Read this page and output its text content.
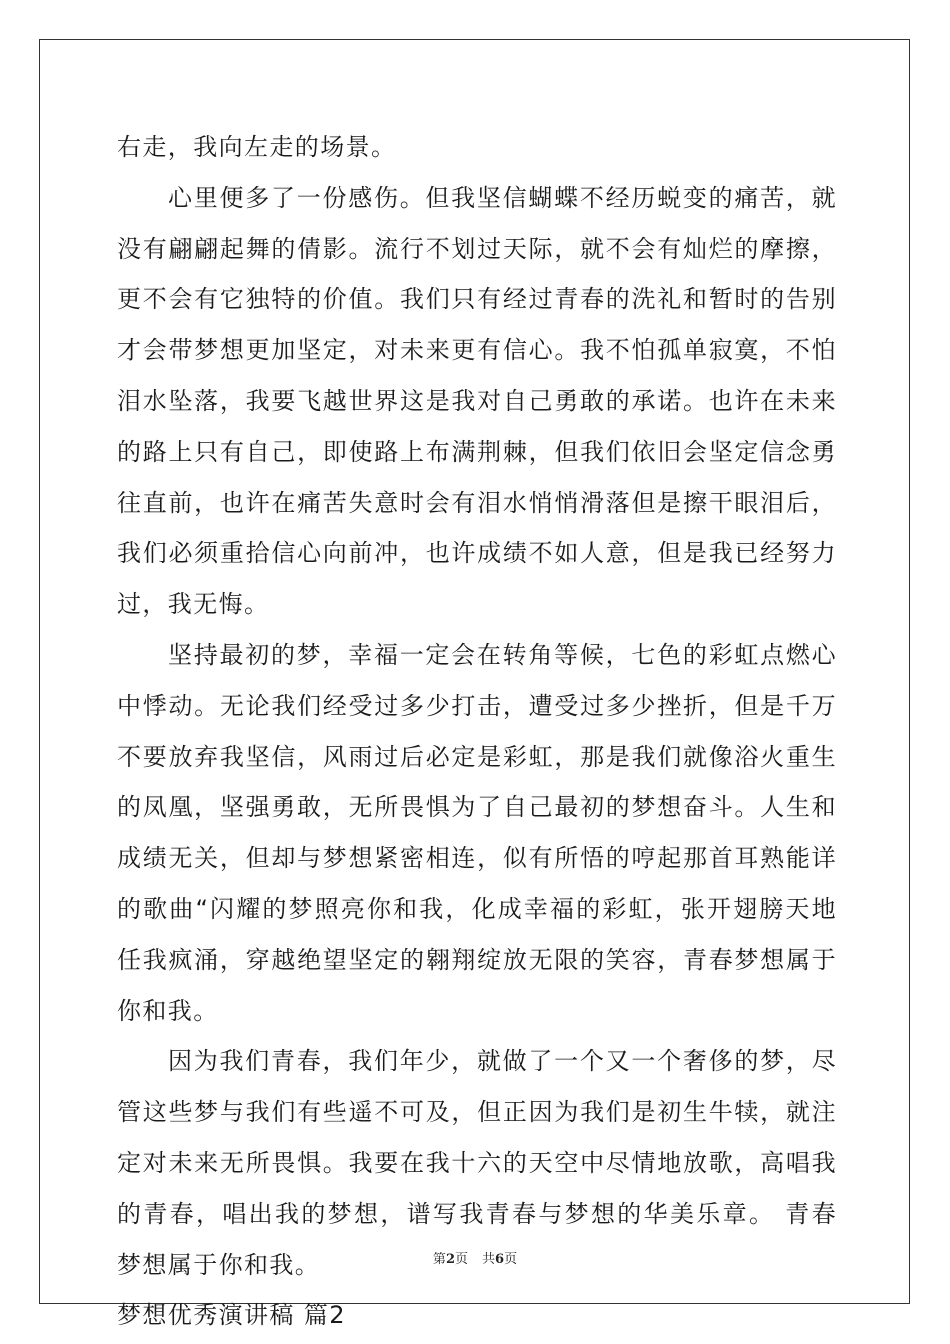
右走，我向左走的场景。

心里便多了一份感伤。但我坚信蝴蝶不经历蜕变的痛苦，就没有翩翩起舞的倩影。流行不划过天际，就不会有灿烂的摩擦，更不会有它独特的价值。我们只有经过青春的洗礼和暂时的告别才会带梦想更加坚定，对未来更有信心。我不怕孤单寂寞，不怕泪水坠落，我要飞越世界这是我对自己勇敢的承诺。也许在未来的路上只有自己，即使路上布满荆棘，但我们依旧会坚定信念勇往直前，也许在痛苦失意时会有泪水悄悄滑落但是擦干眼泪后，我们必须重拾信心向前冲，也许成绩不如人意，但是我已经努力过，我无悔。

坚持最初的梦，幸福一定会在转角等候，七色的彩虹点燃心中悸动。无论我们经受过多少打击，遭受过多少挫折，但是千万不要放弃我坚信，风雨过后必定是彩虹，那是我们就像浴火重生的凤凰，坚强勇敢，无所畏惧为了自己最初的梦想奋斗。人生和成绩无关，但却与梦想紧密相连，似有所悟的哼起那首耳熟能详的歌曲“闪耀的梦照亮你和我，化成幸福的彩虹，张开翅膀天地任我疯涌，穿越绝望坚定的翱翔绽放无限的笑容，青春梦想属于你和我。

因为我们青春，我们年少，就做了一个又一个奢侈的梦，尽管这些梦与我们有些遥不可及，但正因为我们是初生牛犊，就注定对未来无所畏惧。我要在我十六的天空中尽情地放歌，高唱我的青春，唱出我的梦想，谱写我青春与梦想的华美乐章。 青春梦想属于你和我。

梦想优秀演讲稿 篇2

第2页 共6页
